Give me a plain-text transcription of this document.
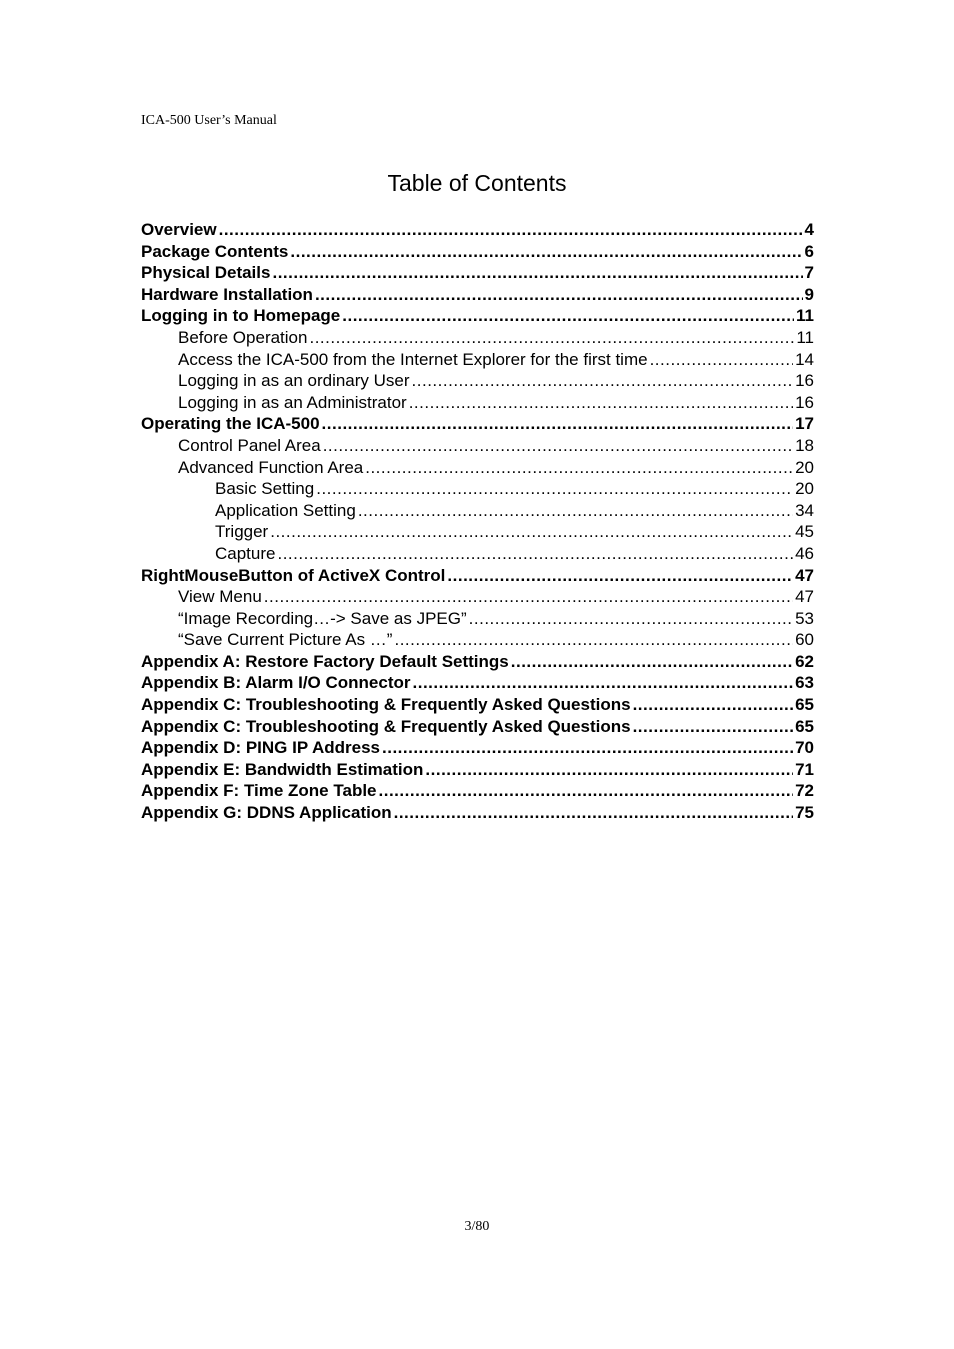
ICA-500 User’s Manual
Table of Contents
Overview .....	4
Package Contents .....	6
Physical Details .....	7
Hardware Installation .....	9
Logging in to Homepage .....	11
Before Operation .....	11
Access the ICA-500 from the Internet Explorer for the first time .....	14
Logging in as an ordinary User .....	16
Logging in as an Administrator .....	16
Operating the ICA-500 .....	17
Control Panel Area .....	18
Advanced Function Area .....	20
Basic Setting .....	20
Application Setting .....	34
Trigger .....	45
Capture .....	46
RightMouseButton of ActiveX Control .....	47
View Menu .....	47
“Image Recording…-> Save as JPEG” .....	53
“Save Current Picture As …” .....	60
Appendix A: Restore Factory Default Settings .....	62
Appendix B: Alarm I/O Connector .....	63
Appendix C: Troubleshooting & Frequently Asked Questions .....	65
Appendix C: Troubleshooting & Frequently Asked Questions .....	65
Appendix D: PING IP Address .....	70
Appendix E: Bandwidth Estimation .....	71
Appendix F: Time Zone Table .....	72
Appendix G: DDNS Application .....	75
3/80
